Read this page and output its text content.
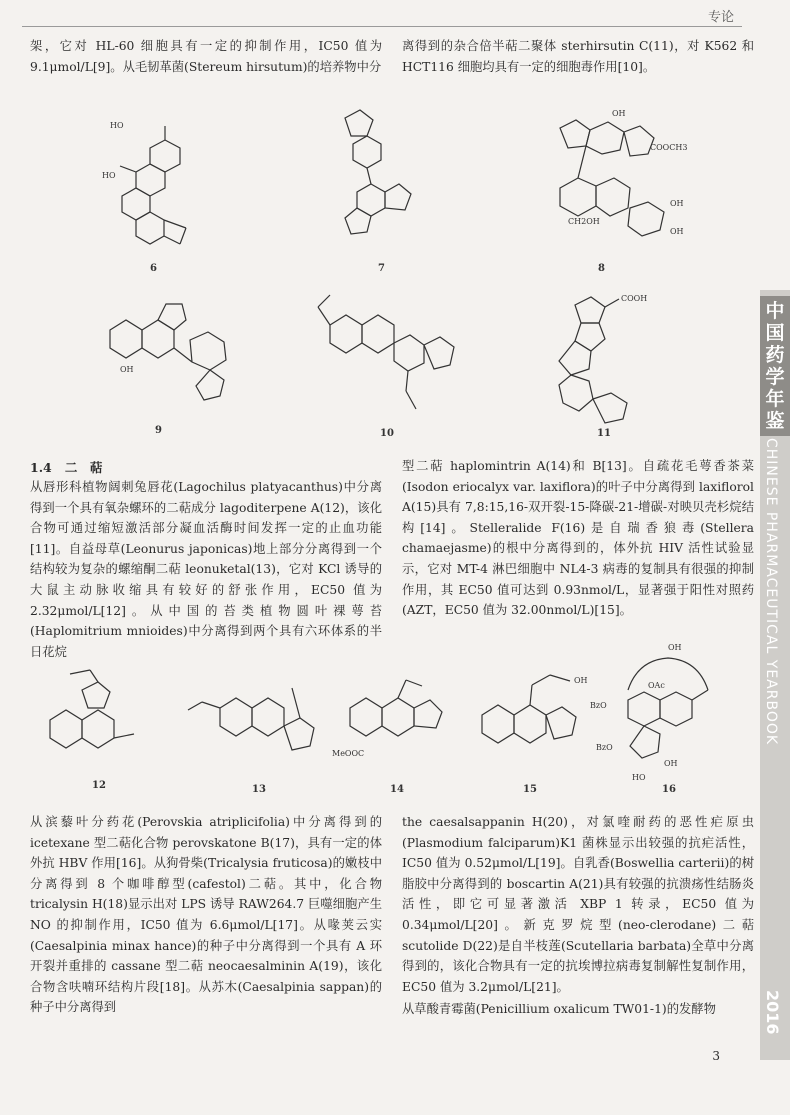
专论

架，它对 HL-60 细胞具有一定的抑制作用，IC50 值为 9.1μmol/L[9]。从毛韧革菌(Stereum hirsutum)的培养物中分

离得到的杂合倍半萜二聚体 sterhirsutin C(11)，对 K562 和 HCT116 细胞均具有一定的细胞毒作用[10]。

HO
HO
6	7
OH
COOCH3
CH2OH
OH
OH
8
OH
9	10
COOH
11
1.4 二　萜

从唇形科植物阔刺兔唇花(Lagochilus platyacanthus)中分离得到一个具有氧杂螺环的二萜成分 lagoditerpene A(12)，该化合物可通过缩短激活部分凝血活酶时间发挥一定的止血功能[11]。自益母草(Leonurus japonicas)地上部分分离得到一个结构较为复杂的螺缩酮二萜 leonuketal(13)，它对 KCl 诱导的大鼠主动脉收缩具有较好的舒张作用，EC50 值为 2.32μmol/L[12]。从中国的苔类植物圆叶裸萼苔(Haplomitrium mnioides)中分离得到两个具有六环体系的半日花烷

型二萜 haplomintrin A(14)和 B[13]。自疏花毛萼香茶菜(Isodon eriocalyx var. laxiflora)的叶子中分离得到 laxiflorol A(15)具有 7,8:15,16-双开裂-15-降碳-21-增碳-对映贝壳杉烷结构[14]。Stelleralide F(16)是自瑞香狼毒(Stellera chamaejasme)的根中分离得到的，体外抗 HIV 活性试验显示，它对 MT-4 淋巴细胞中 NL4-3 病毒的复制具有很强的抑制作用，其 EC50 值可达到 0.93nmol/L，显著强于阳性对照药(AZT，EC50 值为 32.00nmol/L)[15]。

12	13
MeOOC
14
OH
15
OH
OAc
BzO
BzO
OH
HO
16

从滨藜叶分药花(Perovskia atriplicifolia)中分离得到的 icetexane 型二萜化合物 perovskatone B(17)，具有一定的体外抗 HBV 作用[16]。从狗骨柴(Tricalysia fruticosa)的嫩枝中分离得到 8 个咖啡醇型(cafestol)二萜。其中，化合物 tricalysin H(18)显示出对 LPS 诱导 RAW264.7 巨噬细胞产生 NO 的抑制作用，IC50 值为 6.6μmol/L[17]。从喙荚云实(Caesalpinia minax hance)的种子中分离得到一个具有 A 环开裂并重排的 cassane 型二萜 neocaesalminin A(19)，该化合物含呋喃环结构片段[18]。从苏木(Caesalpinia sappan)的种子中分离得到

the caesalsappanin H(20)，对氯喹耐药的恶性疟原虫(Plasmodium falciparum)K1 菌株显示出较强的抗疟活性，IC50 值为 0.52μmol/L[19]。自乳香(Boswellia carterii)的树脂胶中分离得到的 boscartin A(21)具有较强的抗溃疡性结肠炎活性，即它可显著激活 XBP 1 转录，EC50 值为 0.34μmol/L[20]。新克罗烷型(neo-clerodane)二萜 scutolide D(22)是自半枝莲(Scutellaria barbata)全草中分离得到的，该化合物具有一定的抗埃博拉病毒复制解性复制作用，EC50 值为 3.2μmol/L[21]。

从草酸青霉菌(Penicillium oxalicum TW01-1)的发酵物

3
中
国
药
学
年
鉴
CHINESE PHARMACEUTICAL YEARBOOK
2016
